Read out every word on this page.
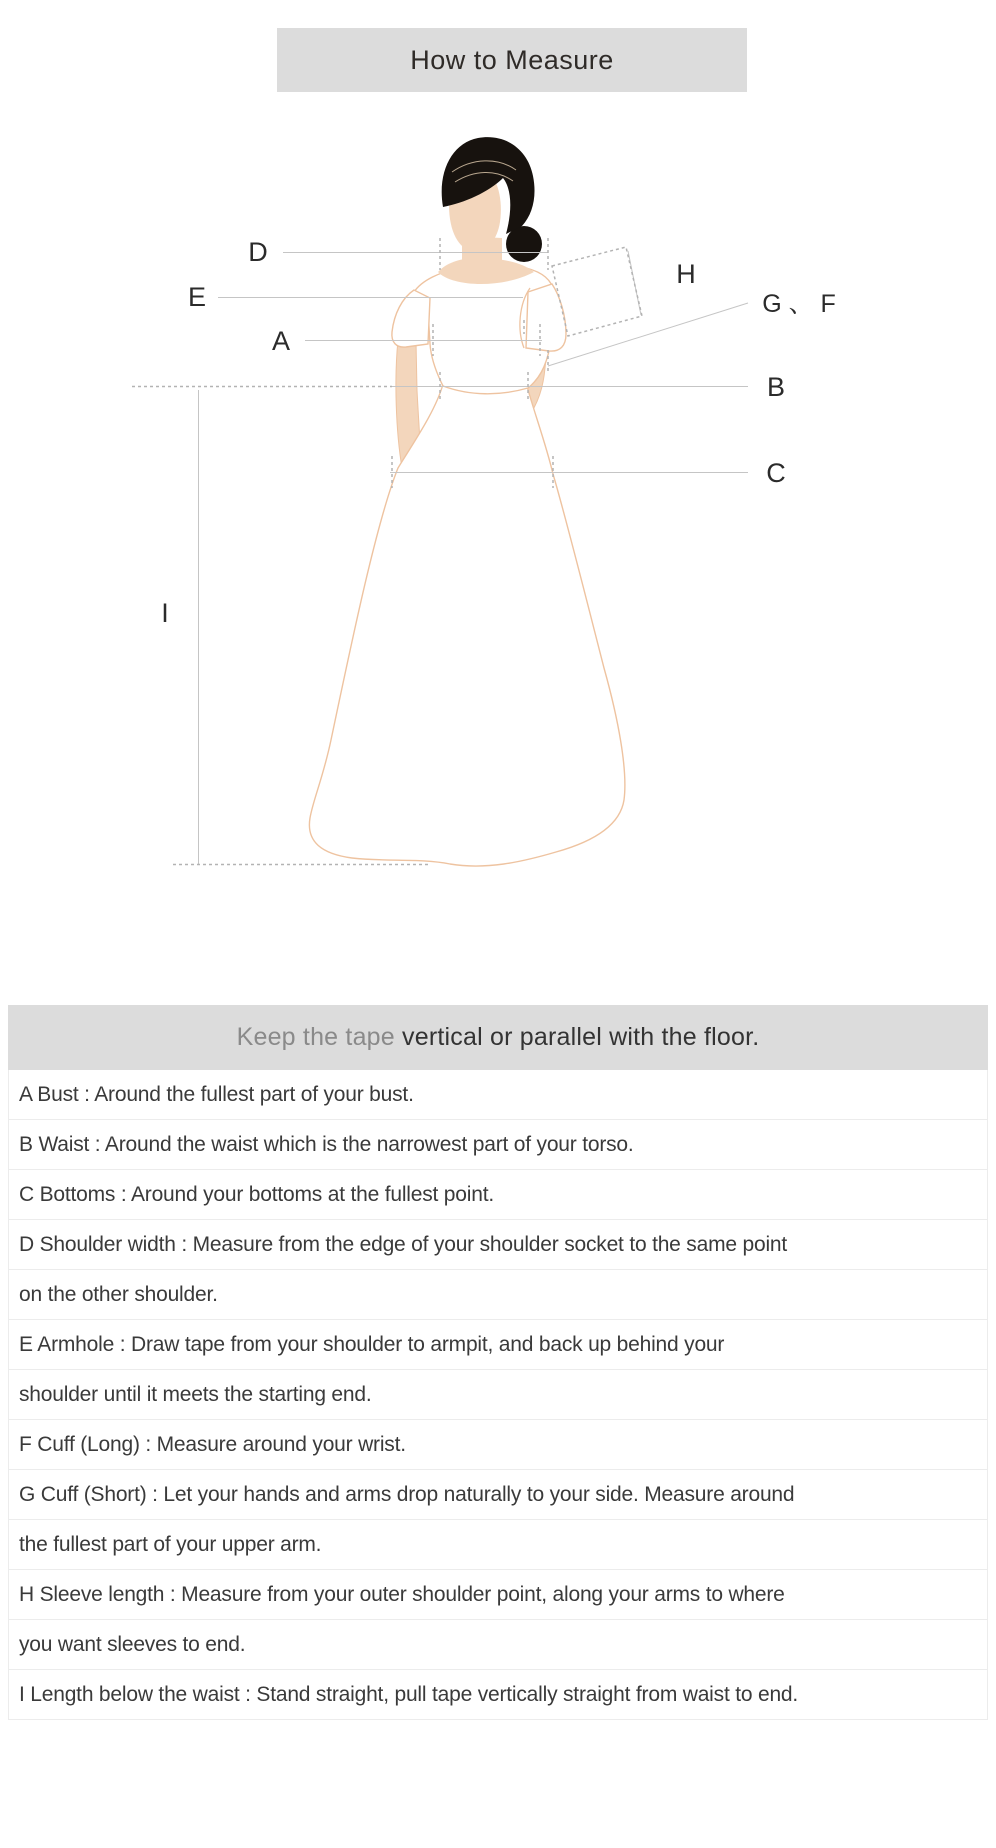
How to Measure
D
E
A
H
G 、 F
B
C
I
Keep the tape vertical or parallel with the floor.
A Bust : Around the fullest part of your bust.
B Waist : Around the waist which is the narrowest part of your torso.
C Bottoms : Around your bottoms at the fullest point.
D Shoulder width : Measure from the edge of your shoulder socket to the same point
on the other shoulder.
E Armhole : Draw tape from your shoulder to armpit, and back up behind your
shoulder until it meets the starting end.
F Cuff (Long) : Measure around your wrist.
G Cuff (Short) : Let your hands and arms drop naturally to your side. Measure around
the fullest part of your upper arm.
H Sleeve length : Measure from your outer shoulder point, along your arms to where
you want sleeves to end.
I Length below the waist : Stand straight, pull tape vertically straight from waist to end.
